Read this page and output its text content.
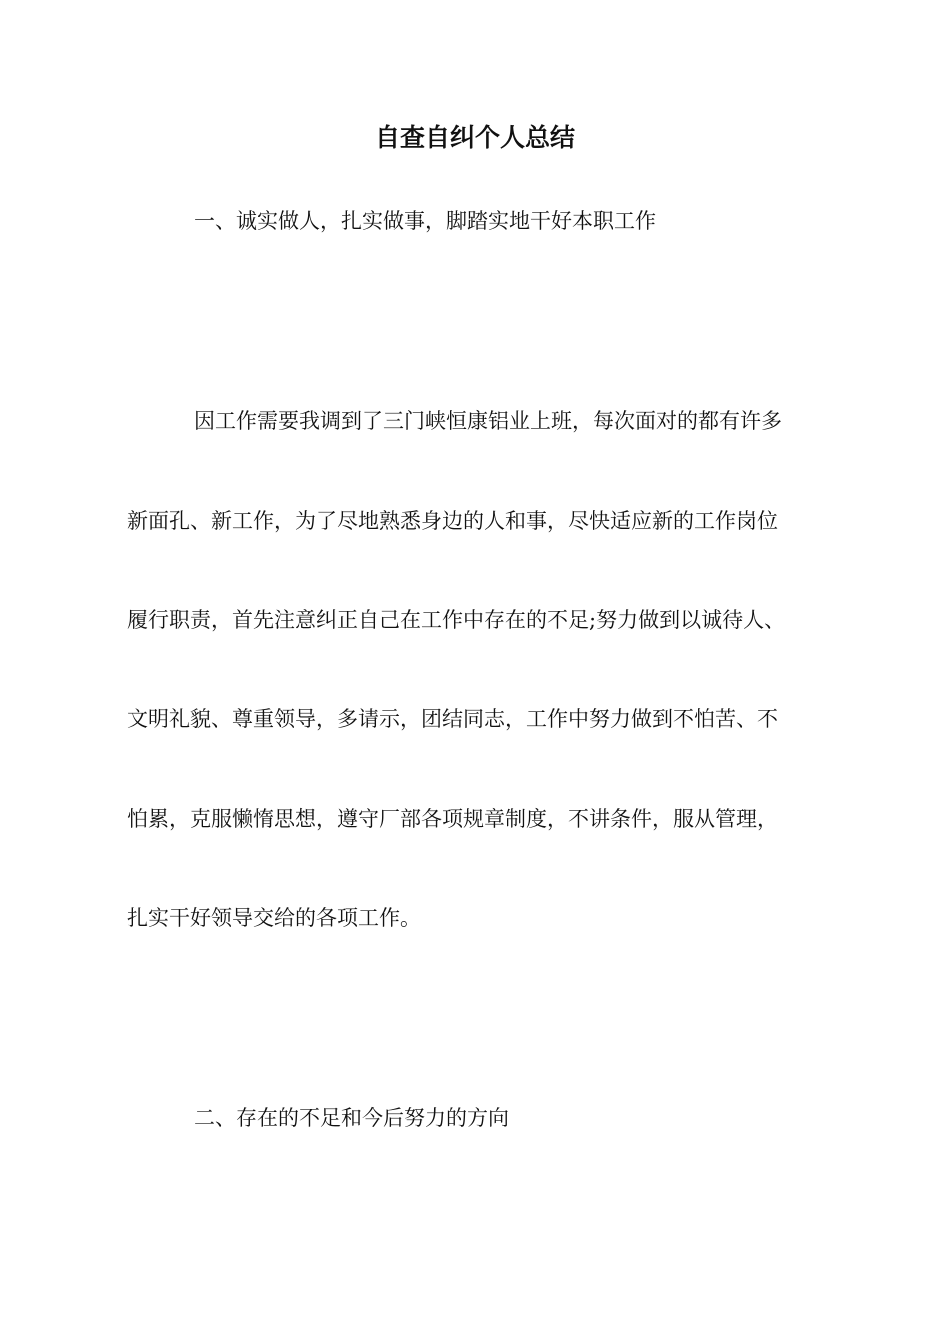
自查自纠个人总结
一、诚实做人，扎实做事，脚踏实地干好本职工作
因工作需要我调到了三门峡恒康铝业上班，每次面对的都有许多
新面孔、新工作，为了尽地熟悉身边的人和事，尽快适应新的工作岗位
履行职责，首先注意纠正自己在工作中存在的不足;努力做到以诚待人、
文明礼貌、尊重领导，多请示，团结同志，工作中努力做到不怕苦、不
怕累，克服懒惰思想，遵守厂部各项规章制度，不讲条件，服从管理，
扎实干好领导交给的各项工作。
二、存在的不足和今后努力的方向
